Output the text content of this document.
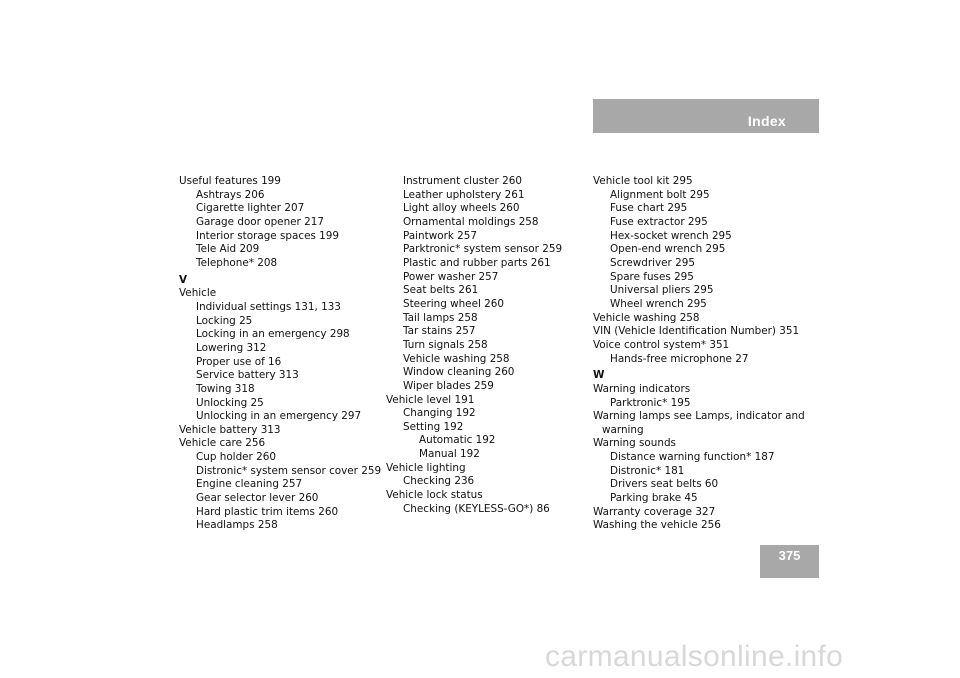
Index
Useful features 199
Ashtrays 206
Cigarette lighter 207
Garage door opener 217
Interior storage spaces 199
Tele Aid 209
Telephone* 208
V
Vehicle
Individual settings 131, 133
Locking 25
Locking in an emergency 298
Lowering 312
Proper use of 16
Service battery 313
Towing 318
Unlocking 25
Unlocking in an emergency 297
Vehicle battery 313
Vehicle care 256
Cup holder 260
Distronic* system sensor cover 259
Engine cleaning 257
Gear selector lever 260
Hard plastic trim items 260
Headlamps 258
Instrument cluster 260
Leather upholstery 261
Light alloy wheels 260
Ornamental moldings 258
Paintwork 257
Parktronic* system sensor 259
Plastic and rubber parts 261
Power washer 257
Seat belts 261
Steering wheel 260
Tail lamps 258
Tar stains 257
Turn signals 258
Vehicle washing 258
Window cleaning 260
Wiper blades 259
Vehicle level 191
Changing 192
Setting 192
Automatic 192
Manual 192
Vehicle lighting
Checking 236
Vehicle lock status
Checking (KEYLESS-GO*) 86
Vehicle tool kit 295
Alignment bolt 295
Fuse chart 295
Fuse extractor 295
Hex-socket wrench 295
Open-end wrench 295
Screwdriver 295
Spare fuses 295
Universal pliers 295
Wheel wrench 295
Vehicle washing 258
VIN (Vehicle Identification Number) 351
Voice control system* 351
Hands-free microphone 27
W
Warning indicators
Parktronic* 195
Warning lamps see Lamps, indicator and
warning
Warning sounds
Distance warning function* 187
Distronic* 181
Drivers seat belts 60
Parking brake 45
Warranty coverage 327
Washing the vehicle 256
375
carmanualsonline.info
